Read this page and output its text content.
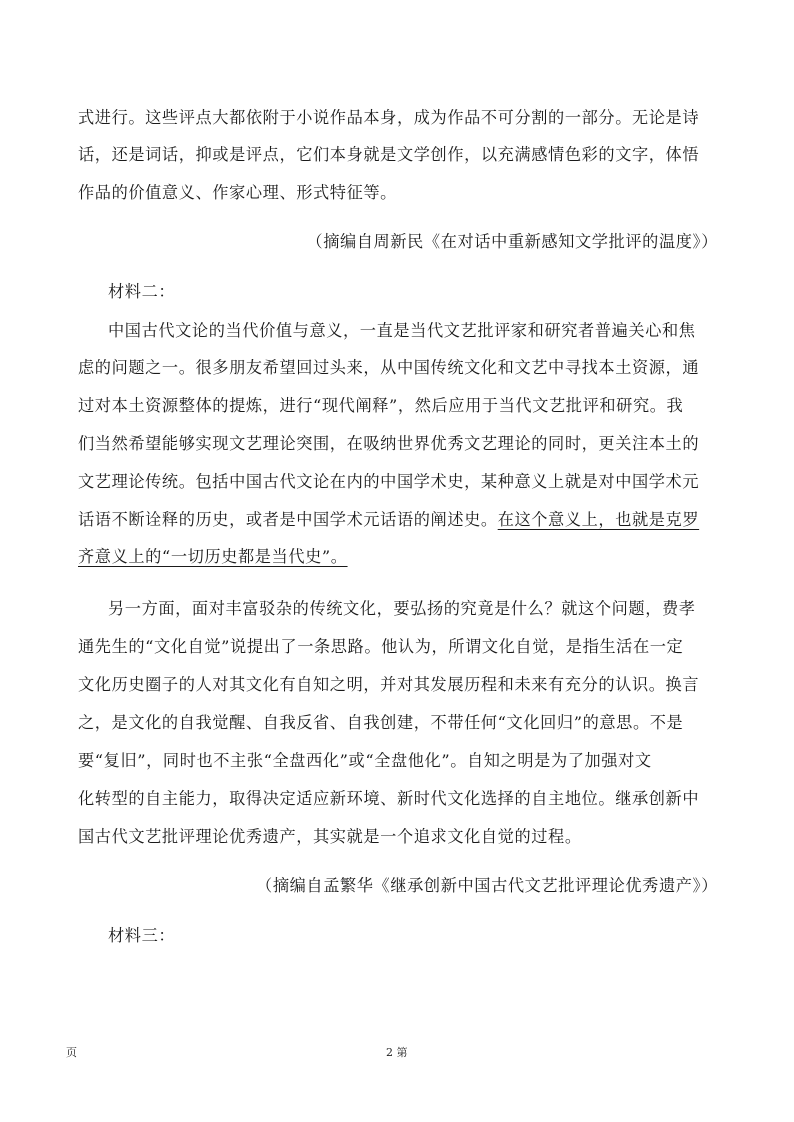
式进行。这些评点大都依附于小说作品本身，成为作品不可分割的一部分。无论是诗
话，还是词话，抑或是评点，它们本身就是文学创作，以充满感情色彩的文字，体悟
作品的价值意义、作家心理、形式特征等。
（摘编自周新民《在对话中重新感知文学批评的温度》）
材料二：
中国古代文论的当代价值与意义，一直是当代文艺批评家和研究者普遍关心和焦
虑的问题之一。很多朋友希望回过头来，从中国传统文化和文艺中寻找本土资源，通
过对本土资源整体的提炼，进行“现代阐释”，然后应用于当代文艺批评和研究。我
们当然希望能够实现文艺理论突围，在吸纳世界优秀文艺理论的同时，更关注本土的
文艺理论传统。包括中国古代文论在内的中国学术史，某种意义上就是对中国学术元
话语不断诠释的历史，或者是中国学术元话语的阐述史。在这个意义上，也就是克罗
齐意义上的“一切历史都是当代史”。
另一方面，面对丰富驳杂的传统文化，要弘扬的究竟是什么？就这个问题，费孝
通先生的“文化自觉”说提出了一条思路。他认为，所谓文化自觉，是指生活在一定
文化历史圈子的人对其文化有自知之明，并对其发展历程和未来有充分的认识。换言
之，是文化的自我觉醒、自我反省、自我创建，不带任何“文化回归”的意思。不是
要“复旧”，同时也不主张“全盘西化”或“全盘他化”。自知之明是为了加强对文
化转型的自主能力，取得决定适应新环境、新时代文化选择的自主地位。继承创新中
国古代文艺批评理论优秀遗产，其实就是一个追求文化自觉的过程。
（摘编自孟繁华《继承创新中国古代文艺批评理论优秀遗产》）
材料三：
页	2 第
